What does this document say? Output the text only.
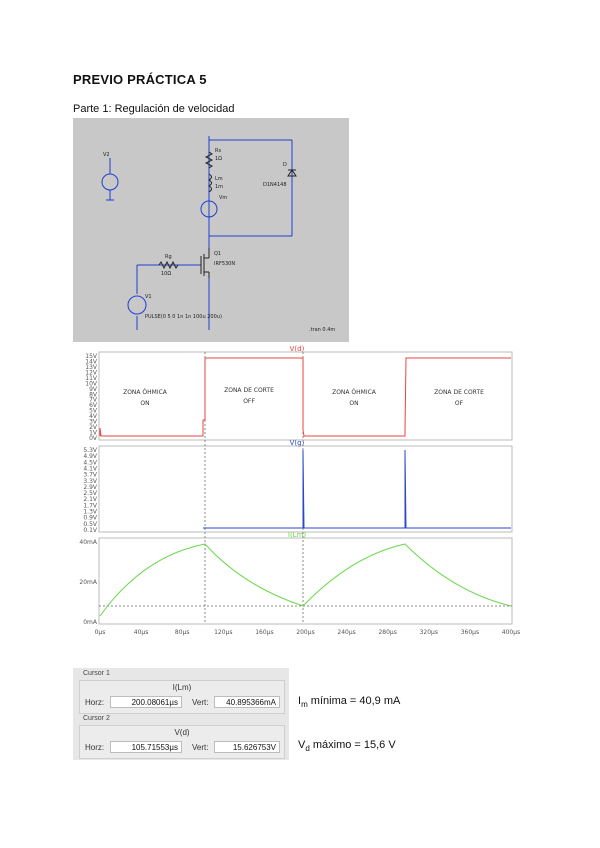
PREVIO PRÁCTICA 5
Parte 1: Regulación de velocidad
V2
Rs
1Ω
Lm
1m
Vm
D
D1N4148
Q1
IRF530N
Rg
10Ω
V1
PULSE(0 5 0 1n 1n 100u 200u)
.tran 0.4m
15V
14V
13V
12V
11V
10V
9V
8V
7V
6V
5V
4V
3V
2V
1V
0V
5.3V
4.9V
4.5V
4.1V
3.7V
3.3V
2.9V
2.5V
2.1V
1.7V
1.3V
0.9V
0.5V
0.1V
40mA
20mA
0mA
0µs	40µs	80µs	120µs	160µs	200µs	240µs	280µs	320µs	360µs	400µs
V(d)
V(g)
I(Lm)
ZONA ÓHMICA
ON
ZONA DE CORTE
OFF
ZONA ÓHMICA
ON
ZONA DE CORTE
OF
Cursor 1
I(Lm)
Horz:	200.08061µs	Vert:	40.895366mA
Cursor 2
V(d)
Horz:	105.71553µs	Vert:	15.626753V
$I_m$ mínima = 40,9 mA
$V_d$ máximo = 15,6 V
